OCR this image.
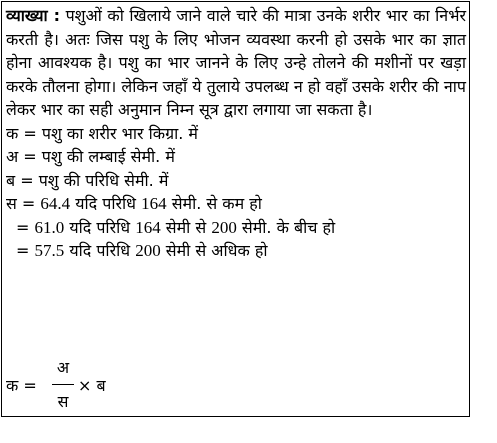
व्याख्या : पशुओं को खिलाये जाने वाले चारे की मात्रा उनके शरीर भार का निर्भर करती है। अतः जिस पशु के लिए भोजन व्यवस्था करनी हो उसके भार का ज्ञात होना आवश्यक है। पशु का भार जानने के लिए उन्हे तोलने की मशीनों पर खड़ा करके तौलना होगा। लेकिन जहाँ ये तुलाये उपलब्ध न हो वहाँ उसके शरीर की नाप लेकर भार का सही अनुमान निम्न सूत्र द्वारा लगाया जा सकता है।

क = पशु का शरीर भार किग्रा. में

अ = पशु की लम्बाई सेमी. में

ब = पशु की परिधि सेमी. में

स = 64.4 यदि परिधि 164 सेमी. से कम हो

= 61.0 यदि परिधि 164 सेमी से 200 सेमी. के बीच हो

= 57.5 यदि परिधि 200 सेमी से अधिक हो

क =
अ
स
× ब
